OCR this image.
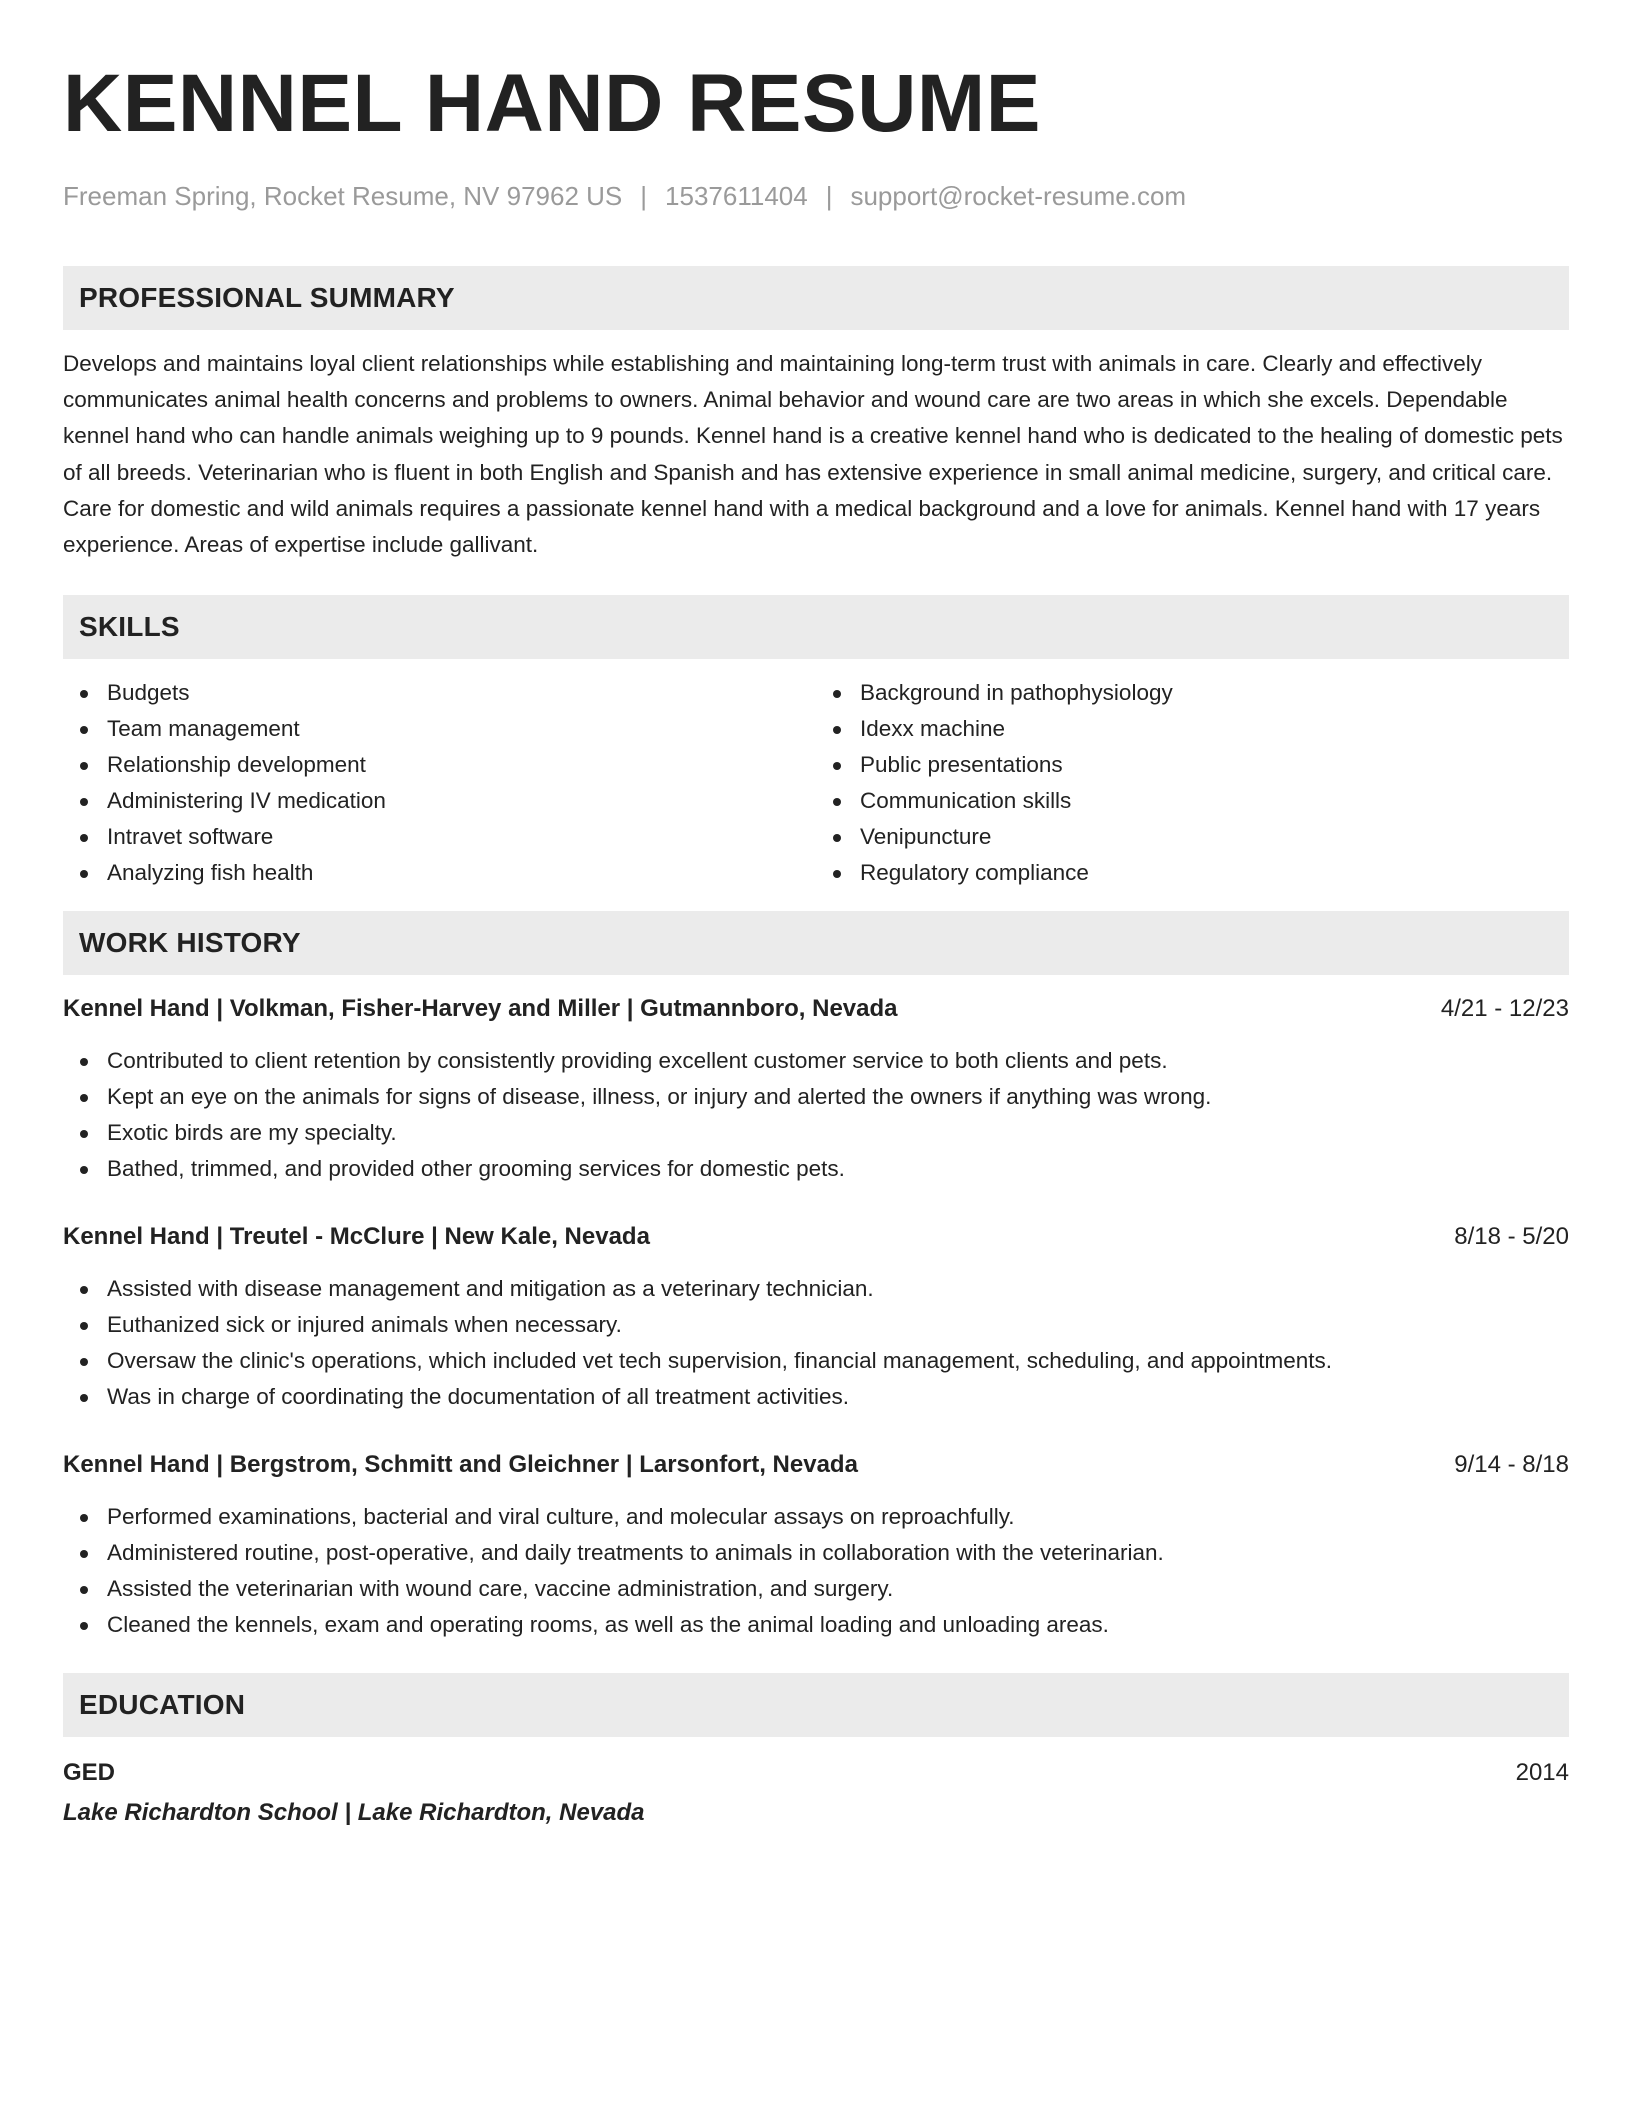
KENNEL HAND RESUME
Freeman Spring, Rocket Resume, NV 97962 US | 1537611404 | support@rocket-resume.com
PROFESSIONAL SUMMARY

Develops and maintains loyal client relationships while establishing and maintaining long-term trust with animals in care. Clearly and effectively communicates animal health concerns and problems to owners. Animal behavior and wound care are two areas in which she excels. Dependable kennel hand who can handle animals weighing up to 9 pounds. Kennel hand is a creative kennel hand who is dedicated to the healing of domestic pets of all breeds. Veterinarian who is fluent in both English and Spanish and has extensive experience in small animal medicine, surgery, and critical care. Care for domestic and wild animals requires a passionate kennel hand with a medical background and a love for animals. Kennel hand with 17 years experience. Areas of expertise include gallivant.

SKILLS
Budgets
Team management
Relationship development
Administering IV medication
Intravet software
Analyzing fish health
Background in pathophysiology
Idexx machine
Public presentations
Communication skills
Venipuncture
Regulatory compliance
WORK HISTORY
Kennel Hand | Volkman, Fisher-Harvey and Miller | Gutmannboro, Nevada	4/21 - 12/23
Contributed to client retention by consistently providing excellent customer service to both clients and pets.
Kept an eye on the animals for signs of disease, illness, or injury and alerted the owners if anything was wrong.
Exotic birds are my specialty.
Bathed, trimmed, and provided other grooming services for domestic pets.
Kennel Hand | Treutel - McClure | New Kale, Nevada	8/18 - 5/20
Assisted with disease management and mitigation as a veterinary technician.
Euthanized sick or injured animals when necessary.
Oversaw the clinic's operations, which included vet tech supervision, financial management, scheduling, and appointments.
Was in charge of coordinating the documentation of all treatment activities.
Kennel Hand | Bergstrom, Schmitt and Gleichner | Larsonfort, Nevada	9/14 - 8/18
Performed examinations, bacterial and viral culture, and molecular assays on reproachfully.
Administered routine, post-operative, and daily treatments to animals in collaboration with the veterinarian.
Assisted the veterinarian with wound care, vaccine administration, and surgery.
Cleaned the kennels, exam and operating rooms, as well as the animal loading and unloading areas.
EDUCATION
GED	2014
Lake Richardton School | Lake Richardton, Nevada
